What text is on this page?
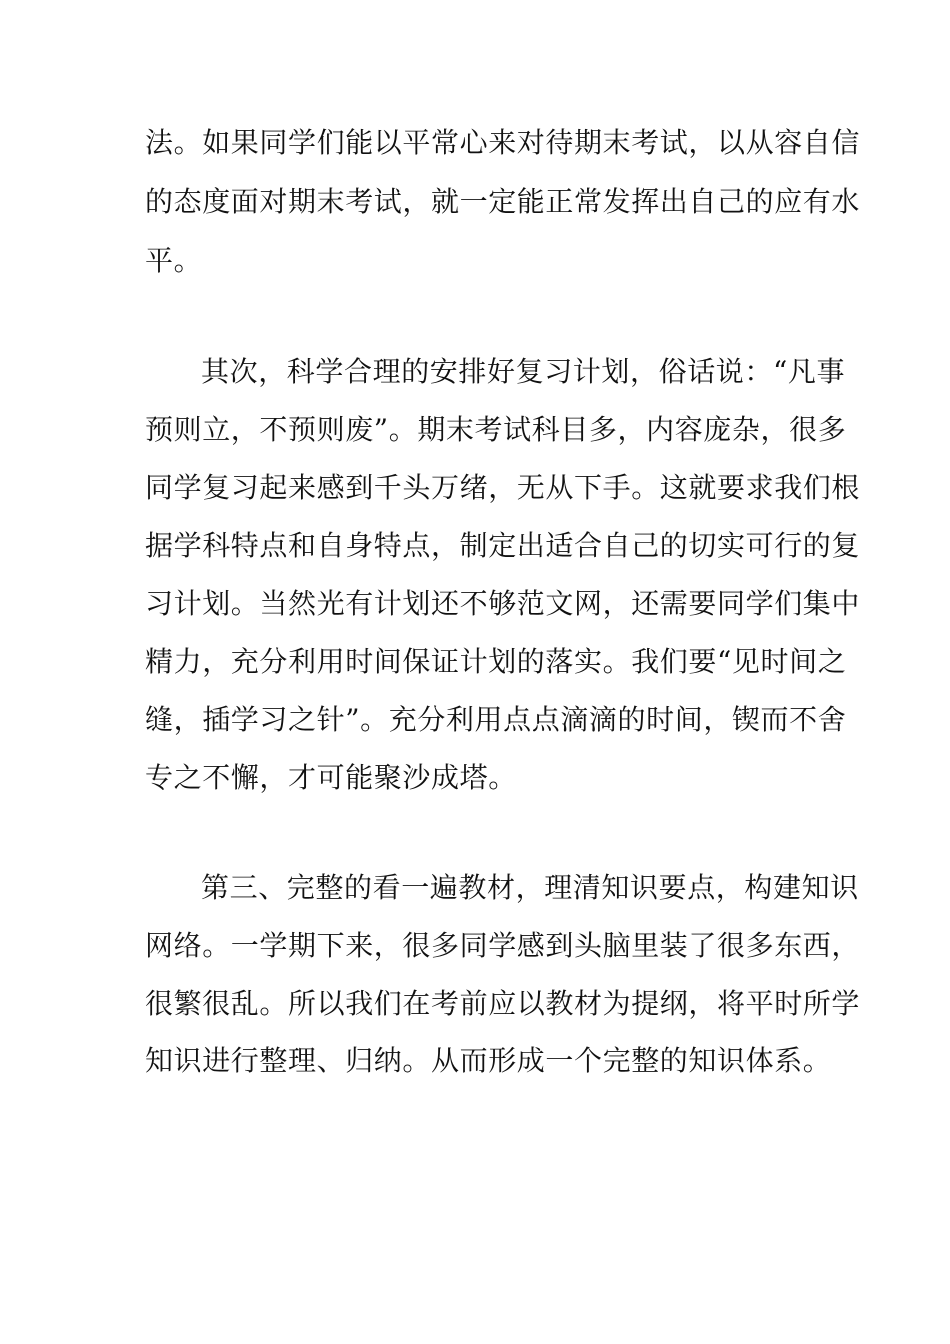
法。如果同学们能以平常心来对待期末考试，以从容自信
的态度面对期末考试，就一定能正常发挥出自己的应有水
平。
其次，科学合理的安排好复习计划，俗话说：“凡事
预则立，不预则废”。期末考试科目多，内容庞杂，很多
同学复习起来感到千头万绪，无从下手。这就要求我们根
据学科特点和自身特点，制定出适合自己的切实可行的复
习计划。当然光有计划还不够范文网，还需要同学们集中
精力，充分利用时间保证计划的落实。我们要“见时间之
缝，插学习之针”。充分利用点点滴滴的时间，锲而不舍
专之不懈，才可能聚沙成塔。
第三、完整的看一遍教材，理清知识要点，构建知识
网络。一学期下来，很多同学感到头脑里装了很多东西，
很繁很乱。所以我们在考前应以教材为提纲，将平时所学
知识进行整理、归纳。从而形成一个完整的知识体系。
